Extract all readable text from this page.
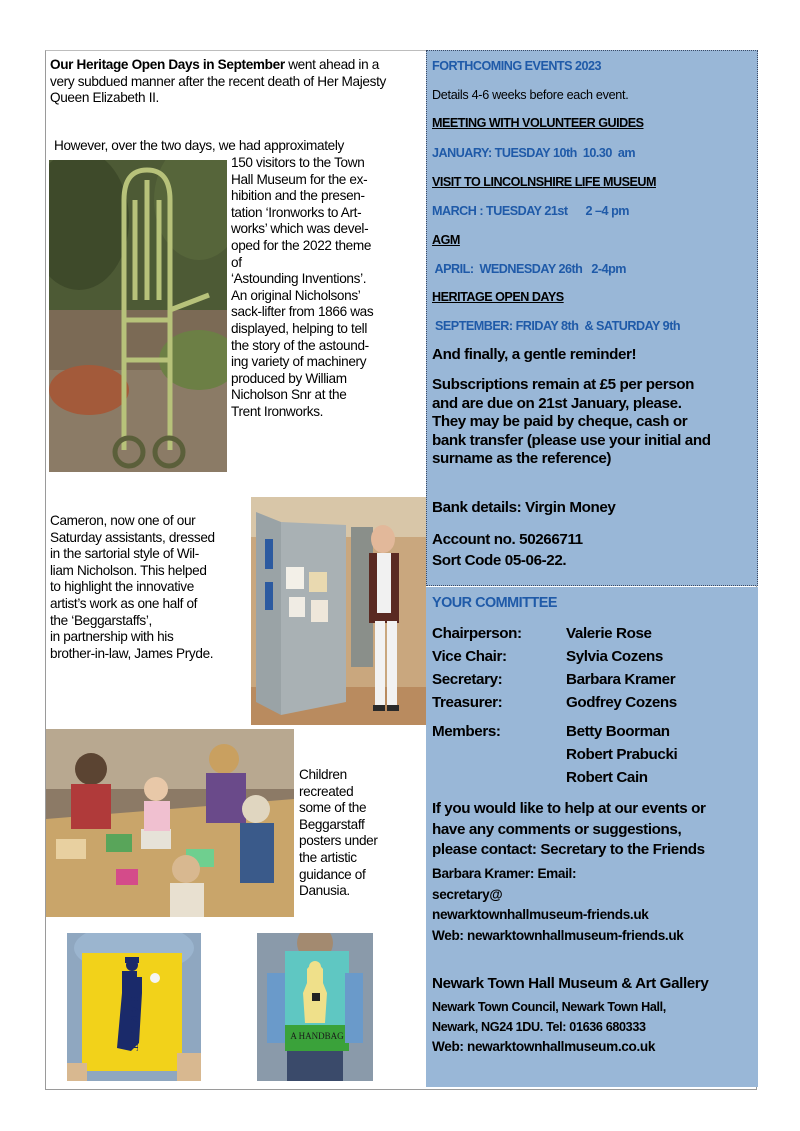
Our Heritage Open Days in September went ahead in a very subdued manner after the recent death of Her Majesty Queen Elizabeth II.

However, over the two days, we had approximately

150 visitors to the Town

Hall Museum for the ex-

hibition and the presen-

tation ‘Ironworks to Art-

works’ which was devel-

oped for the 2022 theme

of

‘Astounding Inventions’.

An original Nicholsons’

sack-lifter from 1866 was

displayed, helping to tell

the story of the astound-

ing variety of machinery

produced by William

Nicholson Snr at the

Trent Ironworks.

Cameron, now one of our

Saturday assistants, dressed

in the sartorial style of Wil-

liam Nicholson. This helped

to highlight the innovative

artist’s work as one half of

the ‘Beggarstaffs’,

in partnership with his

brother-in-law, James Pryde.

Children

recreated

some of the

Beggarstaff

posters under

the artistic

guidance of

Danusia.

HAMLET	A HANDBAG
FORTHCOMING EVENTS 2023
Details 4-6 weeks before each event.
MEETING WITH VOLUNTEER GUIDES
JANUARY: TUESDAY 10th  10.30  am
VISIT TO LINCOLNSHIRE LIFE MUSEUM
MARCH : TUESDAY 21st      2 –4 pm
AGM
APRIL:  WEDNESDAY 26th   2-4pm
HERITAGE OPEN DAYS
SEPTEMBER: FRIDAY 8th  & SATURDAY 9th
And finally, a gentle reminder!
Subscriptions remain at £5 per person
and are due on 21st January, please.
They may be paid by cheque, cash or
bank transfer (please use your initial and
surname as the reference)
Bank details: Virgin Money
Account no. 50266711
Sort Code 05-06-22.
YOUR COMMITTEE
Chairperson:	Valerie Rose
Vice Chair:	Sylvia Cozens
Secretary:	Barbara Kramer
Treasurer:	Godfrey Cozens
Members:	Betty Boorman
Robert Prabucki
Robert Cain
If you would like to help at our events or
have any comments or suggestions,
please contact: Secretary to the Friends
Barbara Kramer: Email:
secretary@
newarktownhallmuseum-friends.uk
Web: newarktownhallmuseum-friends.uk
Newark Town Hall Museum & Art Gallery
Newark Town Council, Newark Town Hall,
Newark, NG24 1DU. Tel: 01636 680333
Web: newarktownhallmuseum.co.uk
